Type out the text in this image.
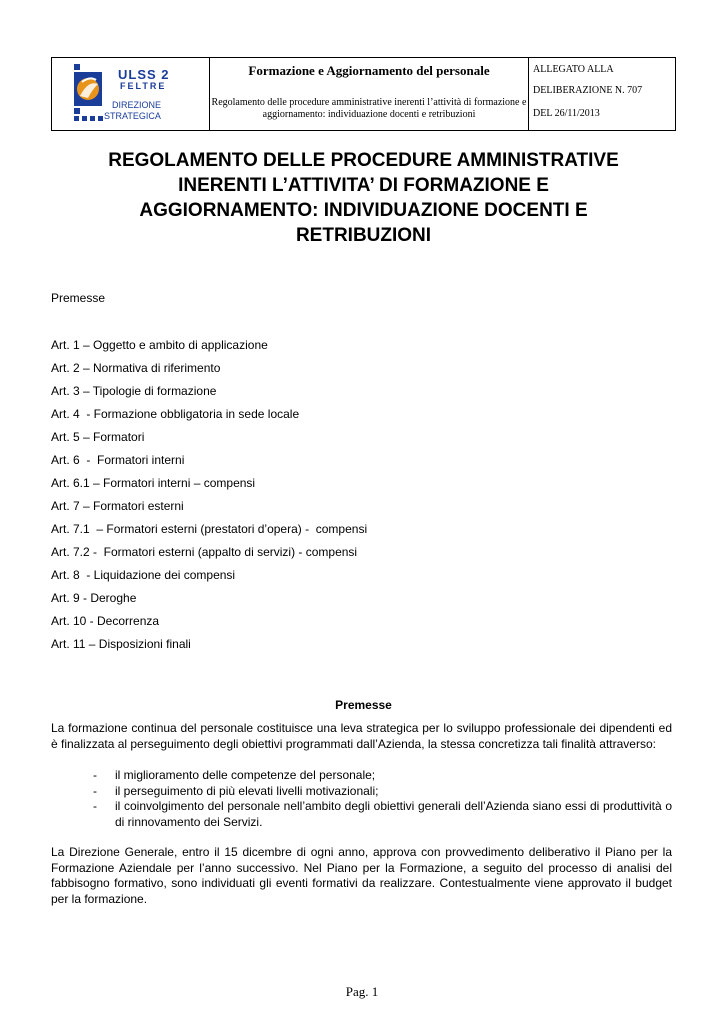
ULSS 2
FELTRE
DIREZIONE
STRATEGICA

Formazione e Aggiornamento del personale
Regolamento delle procedure amministrative inerenti l’attività di formazione e aggiornamento: individuazione docenti e retribuzioni

ALLEGATO ALLA
DELIBERAZIONE N. 707
DEL 26/11/2013
REGOLAMENTO DELLE PROCEDURE AMMINISTRATIVE
INERENTI L’ATTIVITA’ DI FORMAZIONE E
AGGIORNAMENTO: INDIVIDUAZIONE DOCENTI E
RETRIBUZIONI
Premesse
Art. 1 – Oggetto e ambito di applicazione
Art. 2 – Normativa di riferimento
Art. 3 – Tipologie di formazione
Art. 4  - Formazione obbligatoria in sede locale
Art. 5 – Formatori
Art. 6  -  Formatori interni
Art. 6.1 – Formatori interni – compensi
Art. 7 – Formatori esterni
Art. 7.1  – Formatori esterni (prestatori d’opera) -  compensi
Art. 7.2 -  Formatori esterni (appalto di servizi) - compensi
Art. 8  - Liquidazione dei compensi
Art. 9 - Deroghe
Art. 10 - Decorrenza
Art. 11 – Disposizioni finali
Premesse

La formazione continua del personale costituisce una leva strategica per lo sviluppo professionale dei dipendenti ed è finalizzata al perseguimento degli obiettivi programmati dall’Azienda, la stessa concretizza tali finalità attraverso:

- il miglioramento delle competenze del personale;
- il perseguimento di più elevati livelli motivazionali;
- il coinvolgimento del personale nell’ambito degli obiettivi generali dell’Azienda siano essi di produttività o di rinnovamento dei Servizi.

La Direzione Generale, entro il 15 dicembre di ogni anno, approva con provvedimento deliberativo il Piano per la Formazione Aziendale per l’anno successivo. Nel Piano per la Formazione, a seguito del processo di analisi del fabbisogno formativo, sono individuati gli eventi formativi da realizzare. Contestualmente viene approvato il budget per la formazione.

Pag. 1
